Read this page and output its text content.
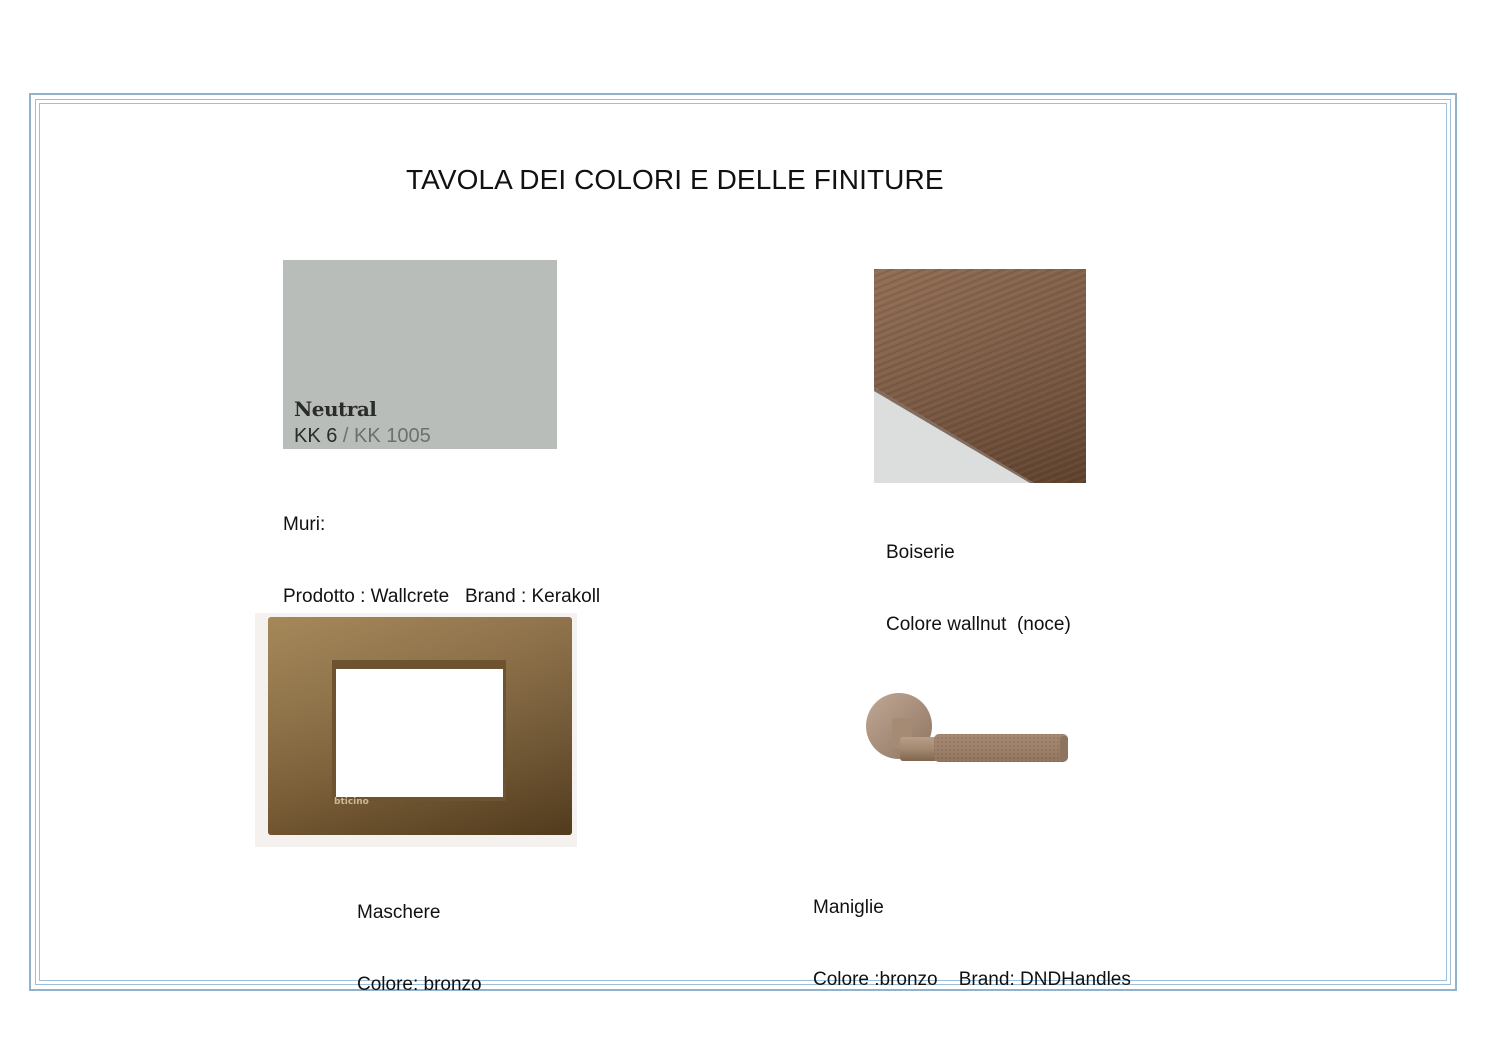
TAVOLA DEI COLORI E DELLE FINITURE
Neutral
KK 6 / KK 1005

Muri:

Prodotto : Wallcrete   Brand : Kerakoll

Boiserie

Colore wallnut  (noce)

bticino

Maschere

Colore: bronzo

Maniglie

Colore :bronzo    Brand: DNDHandles
